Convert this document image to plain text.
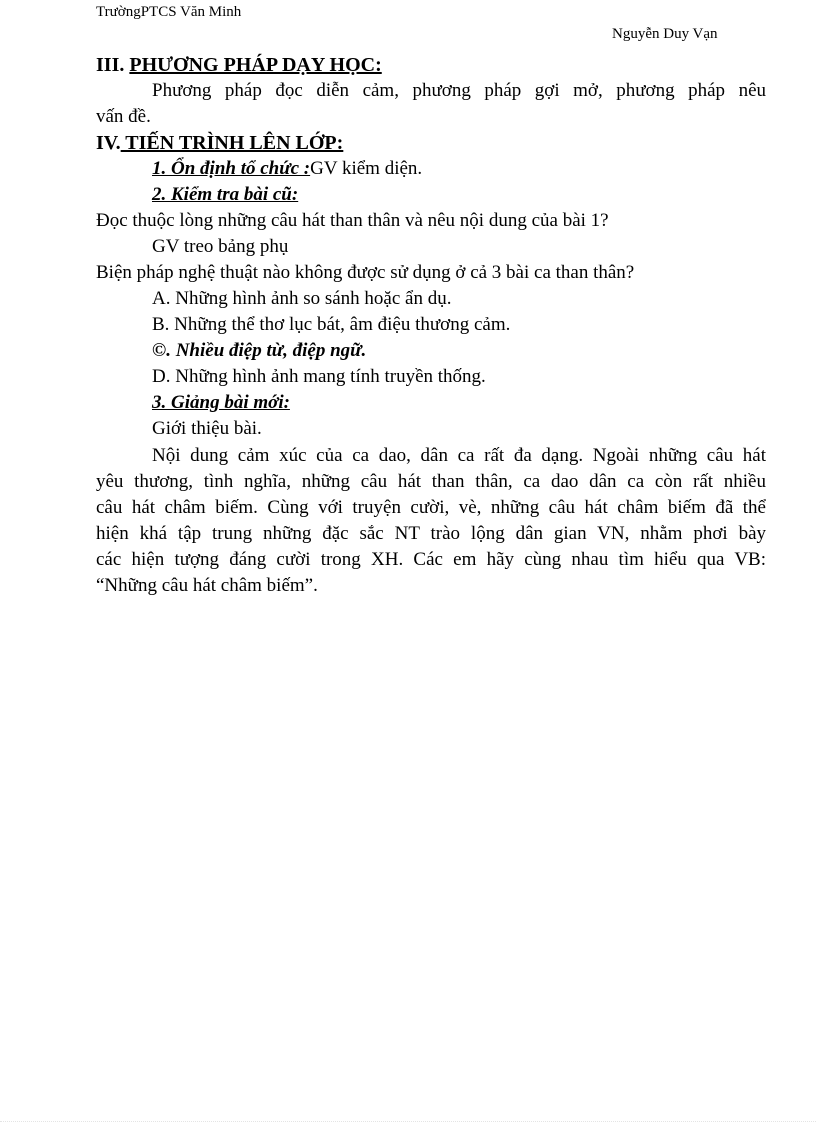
TrườngPTCS Văn Minh
Nguyễn Duy Vạn
III. PHƯƠNG PHÁP DẠY HỌC:
Phương pháp đọc diễn cảm, phương pháp gợi mở, phương pháp nêu
vấn đề.
IV. TIẾN TRÌNH LÊN LỚP:
1. Ổn định tổ chức :GV kiểm diện.
2. Kiểm tra bài cũ:
Đọc thuộc lòng những câu hát than thân và nêu nội dung của bài 1?
GV treo bảng phụ
Biện pháp nghệ thuật nào không được sử dụng ở cả 3 bài ca than thân?
A. Những hình ảnh so sánh hoặc ẩn dụ.
B. Những thể thơ lục bát, âm điệu thương cảm.
©. Nhiều điệp từ, điệp ngữ.
D. Những hình ảnh mang tính truyền thống.
3. Giảng bài mới:
Giới thiệu bài.
Nội dung cảm xúc của ca dao, dân ca rất đa dạng. Ngoài những câu hát
yêu thương, tình nghĩa, những câu hát than thân, ca dao dân ca còn rất nhiều
câu hát châm biếm. Cùng với truyện cười, vè, những câu hát châm biếm đã thể
hiện khá tập trung những đặc sắc NT trào lộng dân gian VN, nhằm phơi bày
các hiện tượng đáng cười trong XH. Các em hãy cùng nhau tìm hiểu qua VB:
“Những câu hát châm biếm”.
